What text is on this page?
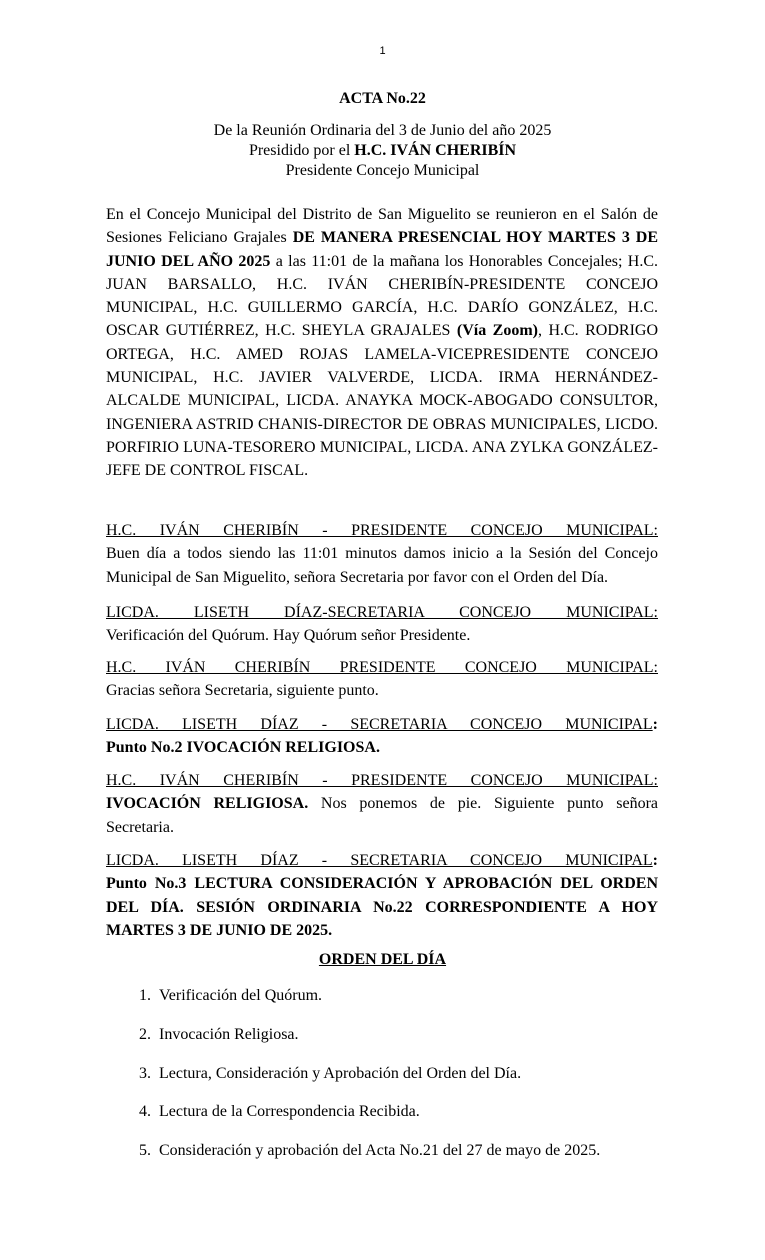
1
ACTA No.22
De la Reunión Ordinaria del 3 de Junio del año 2025
Presidido por el H.C. IVÁN CHERIBÍN
Presidente Concejo Municipal

En el Concejo Municipal del Distrito de San Miguelito se reunieron en el Salón de Sesiones Feliciano Grajales DE MANERA PRESENCIAL HOY MARTES 3 DE JUNIO DEL AÑO 2025 a las 11:01 de la mañana los Honorables Concejales; H.C. JUAN BARSALLO, H.C. IVÁN CHERIBÍN-PRESIDENTE CONCEJO MUNICIPAL, H.C. GUILLERMO GARCÍA, H.C. DARÍO GONZÁLEZ, H.C. OSCAR GUTIÉRREZ, H.C. SHEYLA GRAJALES (Vía Zoom), H.C. RODRIGO ORTEGA, H.C. AMED ROJAS LAMELA-VICEPRESIDENTE CONCEJO MUNICIPAL, H.C. JAVIER VALVERDE, LICDA. IRMA HERNÁNDEZ-ALCALDE MUNICIPAL, LICDA. ANAYKA MOCK-ABOGADO CONSULTOR, INGENIERA ASTRID CHANIS-DIRECTOR DE OBRAS MUNICIPALES, LICDO. PORFIRIO LUNA-TESORERO MUNICIPAL, LICDA. ANA ZYLKA GONZÁLEZ-JEFE DE CONTROL FISCAL.

H.C. IVÁN CHERIBÍN - PRESIDENTE CONCEJO MUNICIPAL:

Buen día a todos siendo las 11:01 minutos damos inicio a la Sesión del Concejo Municipal de San Miguelito, señora Secretaria por favor con el Orden del Día.

LICDA. LISETH DÍAZ-SECRETARIA CONCEJO MUNICIPAL:

Verificación del Quórum. Hay Quórum señor Presidente.

H.C. IVÁN CHERIBÍN PRESIDENTE CONCEJO MUNICIPAL:

Gracias señora Secretaria, siguiente punto.

LICDA. LISETH DÍAZ - SECRETARIA CONCEJO MUNICIPAL:

Punto No.2 IVOCACIÓN RELIGIOSA.

H.C. IVÁN CHERIBÍN - PRESIDENTE CONCEJO MUNICIPAL:

IVOCACIÓN RELIGIOSA. Nos ponemos de pie. Siguiente punto señora Secretaria.

LICDA. LISETH DÍAZ - SECRETARIA CONCEJO MUNICIPAL:

Punto No.3 LECTURA CONSIDERACIÓN Y APROBACIÓN DEL ORDEN DEL DÍA. SESIÓN ORDINARIA No.22 CORRESPONDIENTE A HOY MARTES 3 DE JUNIO DE 2025.

ORDEN DEL DÍA
1. Verificación del Quórum.
2. Invocación Religiosa.
3. Lectura, Consideración y Aprobación del Orden del Día.
4. Lectura de la Correspondencia Recibida.
5. Consideración y aprobación del Acta No.21 del 27 de mayo de 2025.
